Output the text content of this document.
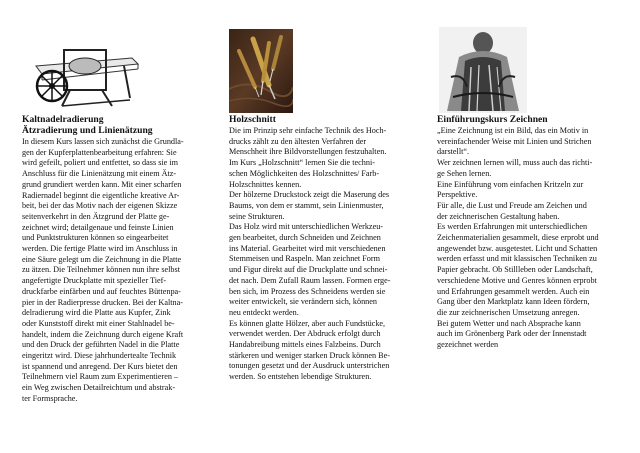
Kaltnadelradierung
Ätzradierung und Linienätzung

In diesem Kurs lassen sich zunächst die Grundla-

gen der Kupferplattenbearbeitung erfahren: Sie

wird gefeilt, poliert und entfettet, so dass sie im

Anschluss für die Linienätzung mit einem Ätz-

grund grundiert werden kann. Mit einer scharfen

Radiernadel beginnt die eigentliche kreative Ar-

beit, bei der das Motiv nach der eigenen Skizze

seitenverkehrt in den Ätzgrund der Platte ge-

zeichnet wird; detailgenaue und feinste Linien

und Punktstrukturen können so eingearbeitet

werden. Die fertige Platte wird im Anschluss in

eine Säure gelegt um die Zeichnung in die Platte

zu ätzen. Die Teilnehmer können nun ihre selbst

angefertigte Druckplatte mit spezieller Tief-

druckfarbe einfärben und auf feuchtes Büttenpa-

pier in der Radierpresse drucken. Bei der Kaltna-

delradierung wird die Platte aus Kupfer, Zink

oder Kunststoff direkt mit einer Stahlnadel be-

handelt, indem die Zeichnung durch eigene Kraft

und den Druck der geführten Nadel in die Platte

eingeritzt wird. Diese jahrhundertealte Technik

ist spannend und anregend. Der Kurs bietet den

Teilnehmern viel Raum zum Experimentieren –

ein Weg zwischen Detailreichtum und abstrak-

ter Formsprache.

Holzschnitt

Die im Prinzip sehr einfache Technik des Hoch-

drucks zählt zu den ältesten Verfahren der

Menschheit ihre Bildvorstellungen festzuhalten.

Im Kurs „Holzschnitt“ lernen Sie die techni-

schen Möglichkeiten des Holzschnittes/ Farb-

Holzschnittes kennen.

Der hölzerne Druckstock zeigt die Maserung des

Baums, von dem er stammt, sein Linienmuster,

seine Strukturen.

Das Holz wird mit unterschiedlichen Werkzeu-

gen bearbeitet, durch Schneiden und Zeichnen

ins Material. Gearbeitet wird mit verschiedenen

Stemmeisen und Raspeln. Man zeichnet Form

und Figur direkt auf die Druckplatte und schnei-

det nach. Dem Zufall Raum lassen. Formen erge-

ben sich, im Prozess des Schneidens werden sie

weiter entwickelt, sie verändern sich, können

neu entdeckt werden.

Es können glatte Hölzer, aber auch Fundstücke,

verwendet werden. Der Abdruck erfolgt durch

Handabreibung mittels eines Falzbeins. Durch

stärkeren und weniger starken Druck können Be-

tonungen gesetzt und der Ausdruck unterstrichen

werden. So entstehen lebendige Strukturen.

Einführungskurs Zeichnen

„Eine Zeichnung ist ein Bild, das ein Motiv in

vereinfachender Weise mit Linien und Strichen

darstellt“.

Wer zeichnen lernen will, muss auch das richti-

ge Sehen lernen.

Eine Einführung vom einfachen Kritzeln zur

Perspektive.

Für alle, die Lust und Freude am Zeichen und

der zeichnerischen Gestaltung haben.

Es werden Erfahrungen mit unterschiedlichen

Zeichenmaterialien gesammelt, diese erprobt und

angewendet bzw. ausgetestet. Licht und Schatten

werden erfasst und mit klassischen Techniken zu

Papier gebracht. Ob Stillleben oder Landschaft,

verschiedene Motive und Genres können erprobt

und Erfahrungen gesammelt werden. Auch ein

Gang über den Marktplatz kann Ideen fördern,

die zur zeichnerischen Umsetzung anregen.

Bei gutem Wetter und nach Absprache kann

auch im Grönenberg Park oder der Innenstadt

gezeichnet werden
